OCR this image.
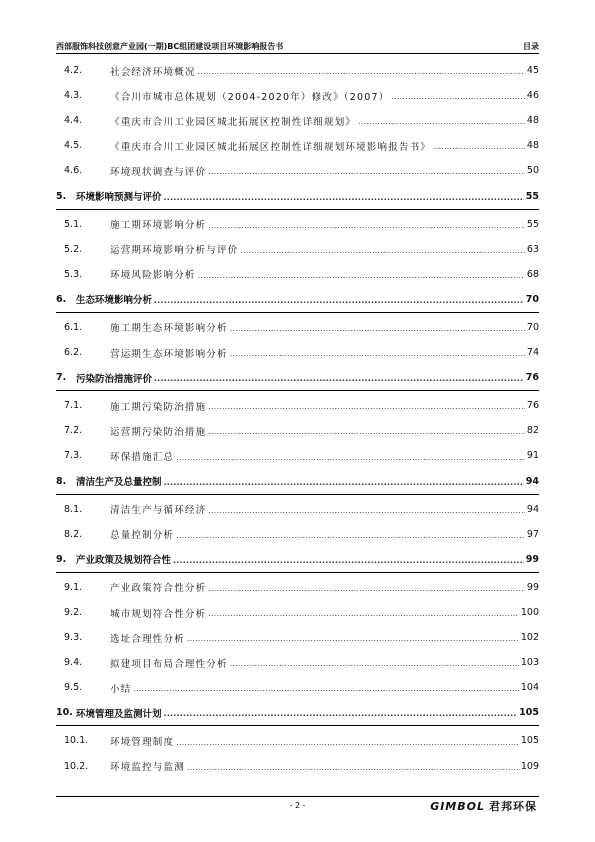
西部服饰科技创意产业园(一期)BC组团建设项目环境影响报告书	目录
4.2.	社会经济环境概况 .....	45
4.3.	《合川市城市总体规划（2004-2020年）修改》（2007） .....	46
4.4.	《重庆市合川工业园区城北拓展区控制性详细规划》 .....	48
4.5.	《重庆市合川工业园区城北拓展区控制性详细规划环境影响报告书》 .....	48
4.6.	环境现状调查与评价 .....	50
5.	环境影响预测与评价 .....	55
5.1.	施工期环境影响分析 .....	55
5.2.	运营期环境影响分析与评价 .....	63
5.3.	环境风险影响分析 .....	68
6.	生态环境影响分析 .....	70
6.1.	施工期生态环境影响分析 .....	70
6.2.	营运期生态环境影响分析 .....	74
7.	污染防治措施评价 .....	76
7.1.	施工期污染防治措施 .....	76
7.2.	运营期污染防治措施 .....	82
7.3.	环保措施汇总 .....	91
8.	清洁生产及总量控制 .....	94
8.1.	清洁生产与循环经济 .....	94
8.2.	总量控制分析 .....	97
9.	产业政策及规划符合性 .....	99
9.1.	产业政策符合性分析 .....	99
9.2.	城市规划符合性分析 .....	100
9.3.	选址合理性分析 .....	102
9.4.	拟建项目布局合理性分析 .....	103
9.5.	小结 .....	104
10. 环境管理及监测计划 .....	105
10.1.	环境管理制度 .....	105
10.2.	环境监控与监测 .....	109
- 2 -	GIMBOL 君邦环保
